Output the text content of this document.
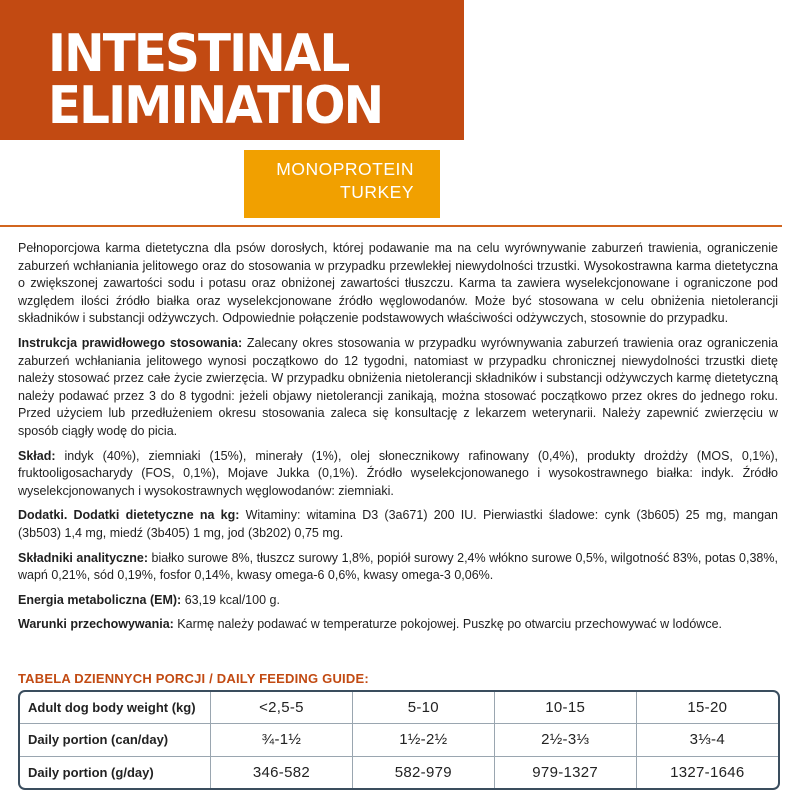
INTESTINAL
ELIMINATION
MONOPROTEIN
TURKEY

Pełnoporcjowa karma dietetyczna dla psów dorosłych, której podawanie ma na celu wyrównywanie zaburzeń trawienia, ograniczenie zaburzeń wchłaniania jelitowego oraz do stosowania w przypadku przewlekłej niewydolności trzustki. Wysokostrawna karma dietetyczna o zwiększonej zawartości sodu i potasu oraz obniżonej zawartości tłuszczu. Karma ta zawiera wyselekcjonowane i ograniczone pod względem ilości źródło białka oraz wyselekcjonowane źródło węglowodanów. Może być stosowana w celu obniżenia nietolerancji składników i substancji odżywczych. Odpowiednie połączenie podstawowych właściwości odżywczych, stosownie do przypadku.

Instrukcja prawidłowego stosowania: Zalecany okres stosowania w przypadku wyrównywania zaburzeń trawienia oraz ograniczenia zaburzeń wchłaniania jelitowego wynosi początkowo do 12 tygodni, natomiast w przypadku chronicznej niewydolności trzustki dietę należy stosować przez całe życie zwierzęcia. W przypadku obniżenia nietolerancji składników i substancji odżywczych karmę dietetyczną należy podawać przez 3 do 8 tygodni: jeżeli objawy nietolerancji zanikają, można stosować początkowo przez okres do jednego roku. Przed użyciem lub przedłużeniem okresu stosowania zaleca się konsultację z lekarzem weterynarii. Należy zapewnić zwierzęciu w sposób ciągły wodę do picia.

Skład: indyk (40%), ziemniaki (15%), minerały (1%), olej słonecznikowy rafinowany (0,4%), produkty drożdży (MOS, 0,1%), fruktooligosacharydy (FOS, 0,1%), Mojave Jukka (0,1%). Źródło wyselekcjonowanego i wysokostrawnego białka: indyk. Źródło wyselekcjonowanych i wysokostrawnych węglowodanów: ziemniaki.

Dodatki. Dodatki dietetyczne na kg: Witaminy: witamina D3 (3a671) 200 IU. Pierwiastki śladowe: cynk (3b605) 25 mg, mangan (3b503) 1,4 mg, miedź (3b405) 1 mg, jod (3b202) 0,75 mg.

Składniki analityczne: białko surowe 8%, tłuszcz surowy 1,8%, popiół surowy 2,4% włókno surowe 0,5%, wilgotność 83%, potas 0,38%, wapń 0,21%, sód 0,19%, fosfor 0,14%, kwasy omega-6 0,6%, kwasy omega-3 0,06%.

Energia metaboliczna (EM): 63,19 kcal/100 g.

Warunki przechowywania: Karmę należy podawać w temperaturze pokojowej. Puszkę po otwarciu przechowywać w lodówce.

TABELA DZIENNYCH PORCJI / DAILY FEEDING GUIDE:
Adult dog body weight (kg)	<2,5-5	5-10	10-15	15-20
Daily portion (can/day)	¾-1½	1½-2½	2½-3⅓	3⅓-4
Daily portion (g/day)	346-582	582-979	979-1327	1327-1646
